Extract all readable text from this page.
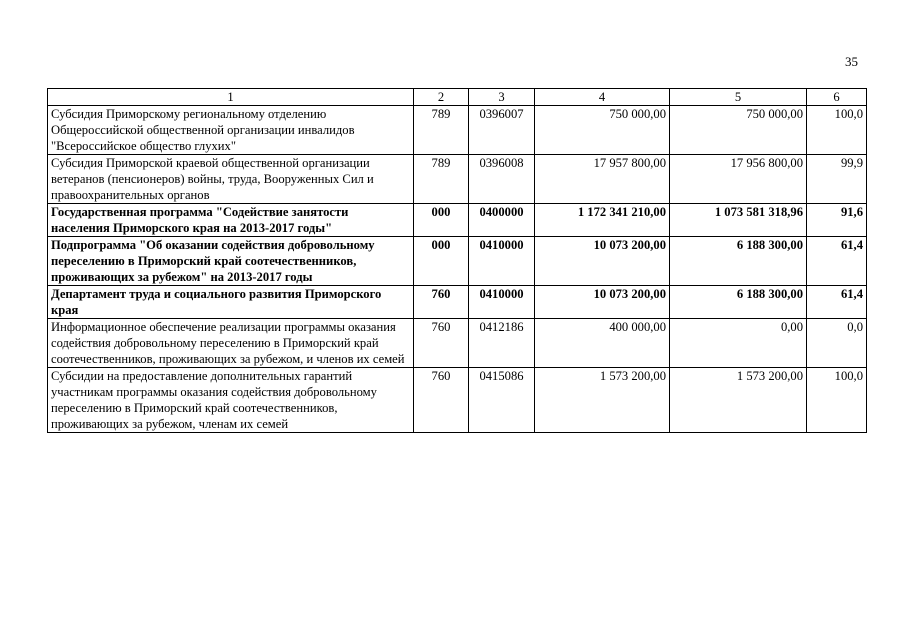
35
1	2	3	4	5	6
Субсидия Приморскому региональному отделению Общероссийской общественной организации инвалидов "Всероссийское общество глухих"	789	0396007	750 000,00	750 000,00	100,0
Субсидия Приморской краевой общественной организации ветеранов (пенсионеров) войны, труда, Вооруженных Сил и правоохранительных органов	789	0396008	17 957 800,00	17 956 800,00	99,9
Государственная программа "Содействие занятости населения Приморского края на 2013-2017 годы"	000	0400000	1 172 341 210,00	1 073 581 318,96	91,6
Подпрограмма "Об оказании содействия добровольному переселению в Приморский край соотечественников, проживающих за рубежом" на 2013-2017 годы	000	0410000	10 073 200,00	6 188 300,00	61,4
Департамент труда и социального развития Приморского края	760	0410000	10 073 200,00	6 188 300,00	61,4
Информационное обеспечение реализации программы оказания содействия добровольному переселению в Приморский край соотечественников, проживающих за рубежом, и членов их семей	760	0412186	400 000,00	0,00	0,0
Субсидии на предоставление дополнительных гарантий участникам программы оказания содействия добровольному переселению в Приморский край соотечественников, проживающих за рубежом, членам их семей	760	0415086	1 573 200,00	1 573 200,00	100,0
